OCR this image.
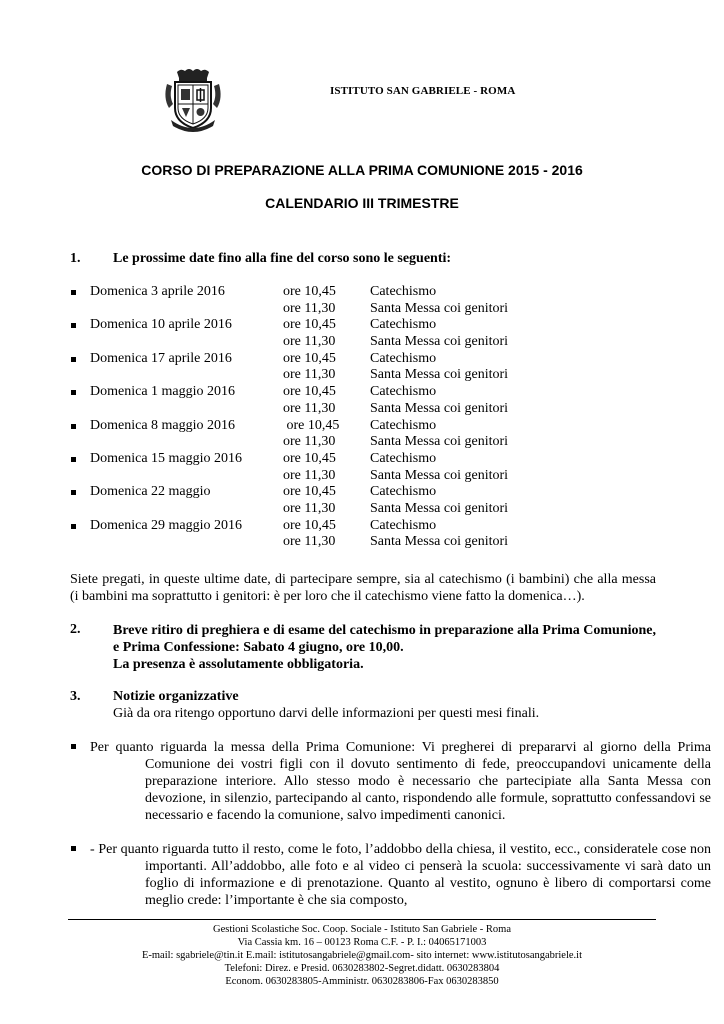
ISTITUTO SAN GABRIELE - ROMA
CORSO DI PREPARAZIONE ALLA PRIMA COMUNIONE 2015 - 2016
CALENDARIO III TRIMESTRE
1. Le prossime date fino alla fine del corso sono le seguenti:
Domenica 3 aprile 2016	ore 10,45 Catechismo
ore 11,30 Santa Messa coi genitori
Domenica 10 aprile 2016	ore 10,45 Catechismo
ore 11,30 Santa Messa coi genitori
Domenica 17 aprile 2016	ore 10,45 Catechismo
ore 11,30 Santa Messa coi genitori
Domenica 1 maggio 2016	ore 10,45 Catechismo
ore 11,30 Santa Messa coi genitori
Domenica 8 maggio 2016	ore 10,45 Catechismo
ore 11,30 Santa Messa coi genitori
Domenica 15 maggio 2016	ore 10,45 Catechismo
ore 11,30 Santa Messa coi genitori
Domenica 22 maggio	ore 10,45 Catechismo
ore 11,30 Santa Messa coi genitori
Domenica 29 maggio 2016	ore 10,45 Catechismo
ore 11,30 Santa Messa coi genitori
Siete pregati, in queste ultime date, di partecipare sempre, sia al catechismo (i bambini) che alla messa (i bambini ma soprattutto i genitori: è per loro che il catechismo viene fatto la domenica…).
2. Breve ritiro di preghiera e di esame del catechismo in preparazione alla Prima Comunione, e Prima Confessione: Sabato 4 giugno, ore 10,00.
La presenza è assolutamente obbligatoria.
3. Notizie organizzative
Già da ora ritengo opportuno darvi delle informazioni per questi mesi finali.
Per quanto riguarda la messa della Prima Comunione: Vi pregherei di prepararvi al giorno della Prima Comunione dei vostri figli con il dovuto sentimento di fede, preoccupandovi unicamente della preparazione interiore. Allo stesso modo è necessario che partecipiate alla Santa Messa con devozione, in silenzio, partecipando al canto, rispondendo alle formule, soprattutto confessandovi se necessario e facendo la comunione, salvo impedimenti canonici.
- Per quanto riguarda tutto il resto, come le foto, l’addobbo della chiesa, il vestito, ecc., consideratele cose non importanti. All’addobbo, alle foto e al video ci penserà la scuola: successivamente vi sarà dato un foglio di informazione e di prenotazione. Quanto al vestito, ognuno è libero di comportarsi come meglio crede: l’importante è che sia composto,
Gestioni Scolastiche Soc. Coop. Sociale - Istituto San Gabriele - Roma
Via Cassia km. 16 – 00123 Roma C.F. - P. I.: 04065171003
E-mail: sgabriele@tin.it E.mail: istitutosangabriele@gmail.com- sito internet: www.istitutosangabriele.it
Telefoni: Direz. e Presid. 0630283802-Segret.didatt. 0630283804
Econom. 0630283805-Amministr. 0630283806-Fax 0630283850
